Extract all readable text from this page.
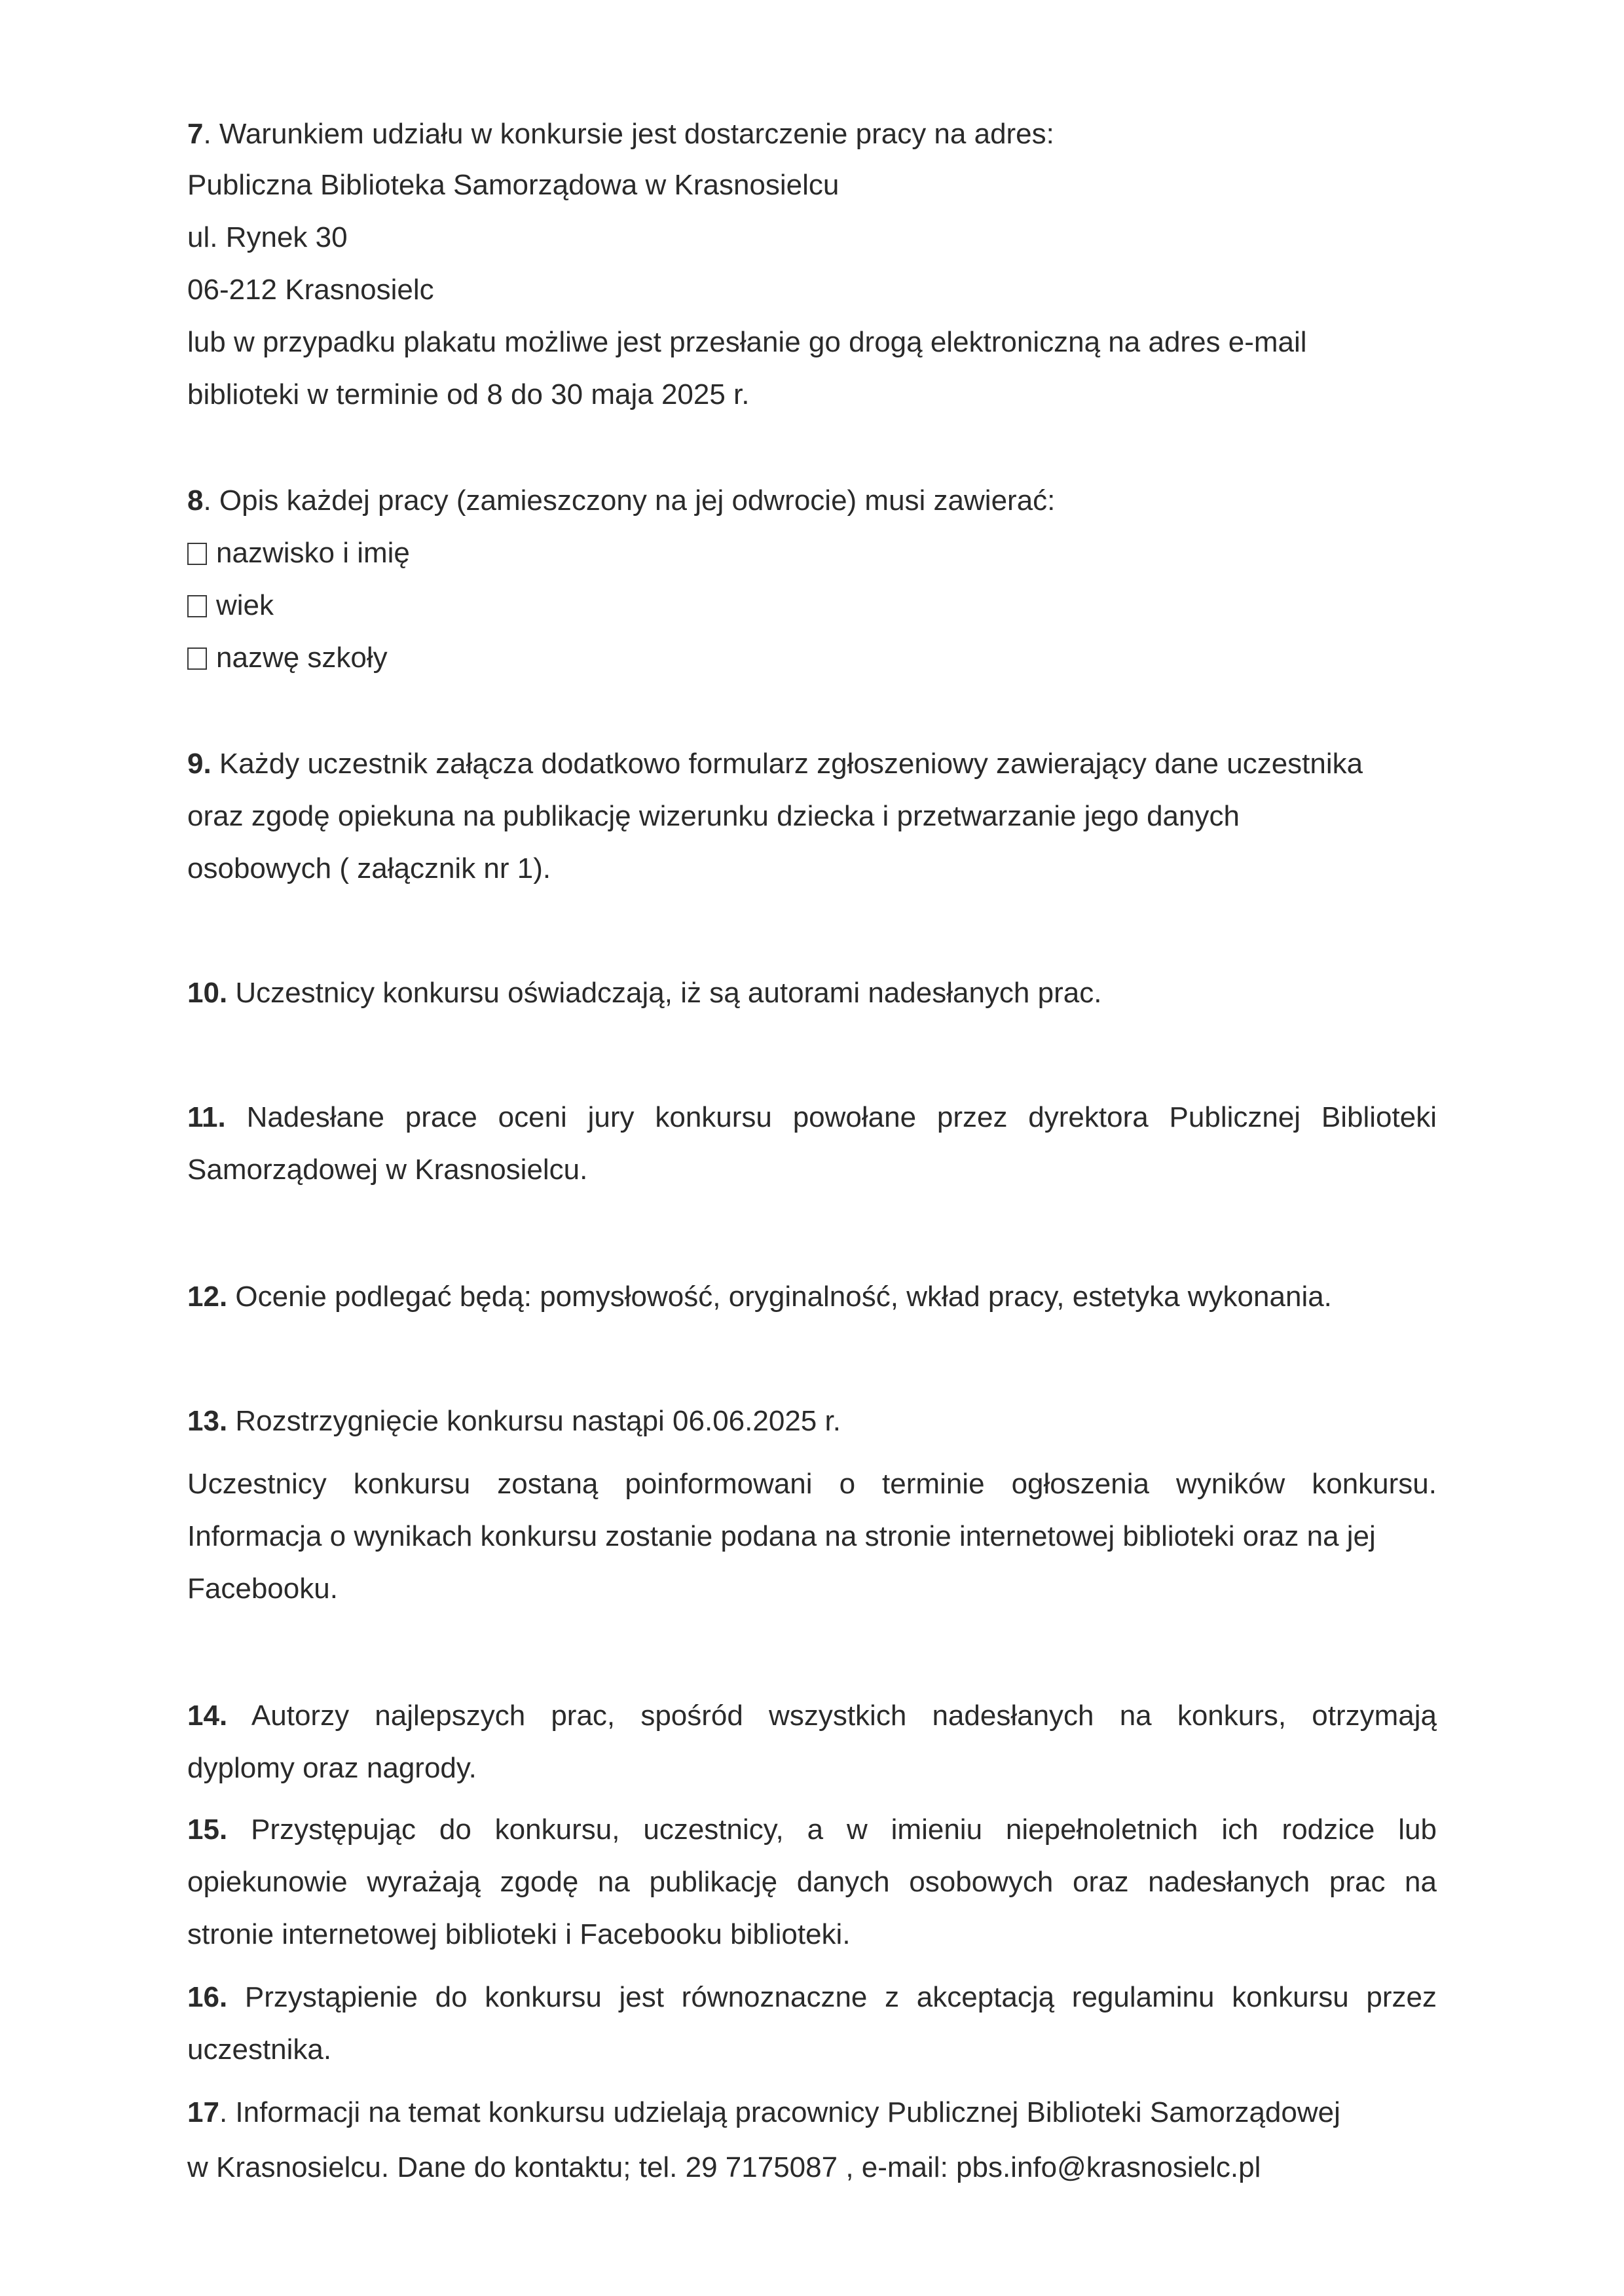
7. Warunkiem udziału w konkursie jest dostarczenie pracy na adres:

Publiczna Biblioteka Samorządowa w Krasnosielcu

ul. Rynek 30

06-212 Krasnosielc

lub w przypadku plakatu możliwe jest przesłanie go drogą elektroniczną na adres e-mail

biblioteki w terminie od 8 do 30 maja 2025 r.

8. Opis każdej pracy (zamieszczony na jej odwrocie) musi zawierać:

nazwisko i imię

wiek

nazwę szkoły

9. Każdy uczestnik załącza dodatkowo formularz zgłoszeniowy zawierający dane uczestnika

oraz zgodę opiekuna na publikację wizerunku dziecka i przetwarzanie jego danych

osobowych ( załącznik nr 1).

10. Uczestnicy konkursu oświadczają, iż są autorami nadesłanych prac.

11. Nadesłane prace oceni jury konkursu powołane przez dyrektora Publicznej Biblioteki

Samorządowej w Krasnosielcu.

12. Ocenie podlegać będą: pomysłowość, oryginalność, wkład pracy, estetyka wykonania.

13. Rozstrzygnięcie konkursu nastąpi 06.06.2025 r.

Uczestnicy konkursu zostaną poinformowani o terminie ogłoszenia wyników konkursu.

Informacja o wynikach konkursu zostanie podana na stronie internetowej biblioteki oraz na jej

Facebooku.

14. Autorzy najlepszych prac, spośród wszystkich nadesłanych na konkurs, otrzymają

dyplomy oraz nagrody.

15. Przystępując do konkursu, uczestnicy, a w imieniu niepełnoletnich ich rodzice lub

opiekunowie wyrażają zgodę na publikację danych osobowych oraz nadesłanych prac na

stronie internetowej biblioteki i Facebooku biblioteki.

16. Przystąpienie do konkursu jest równoznaczne z akceptacją regulaminu konkursu przez

uczestnika.

17. Informacji na temat konkursu udzielają pracownicy Publicznej Biblioteki Samorządowej

w Krasnosielcu. Dane do kontaktu; tel. 29 7175087 , e-mail: pbs.info@krasnosielc.pl
